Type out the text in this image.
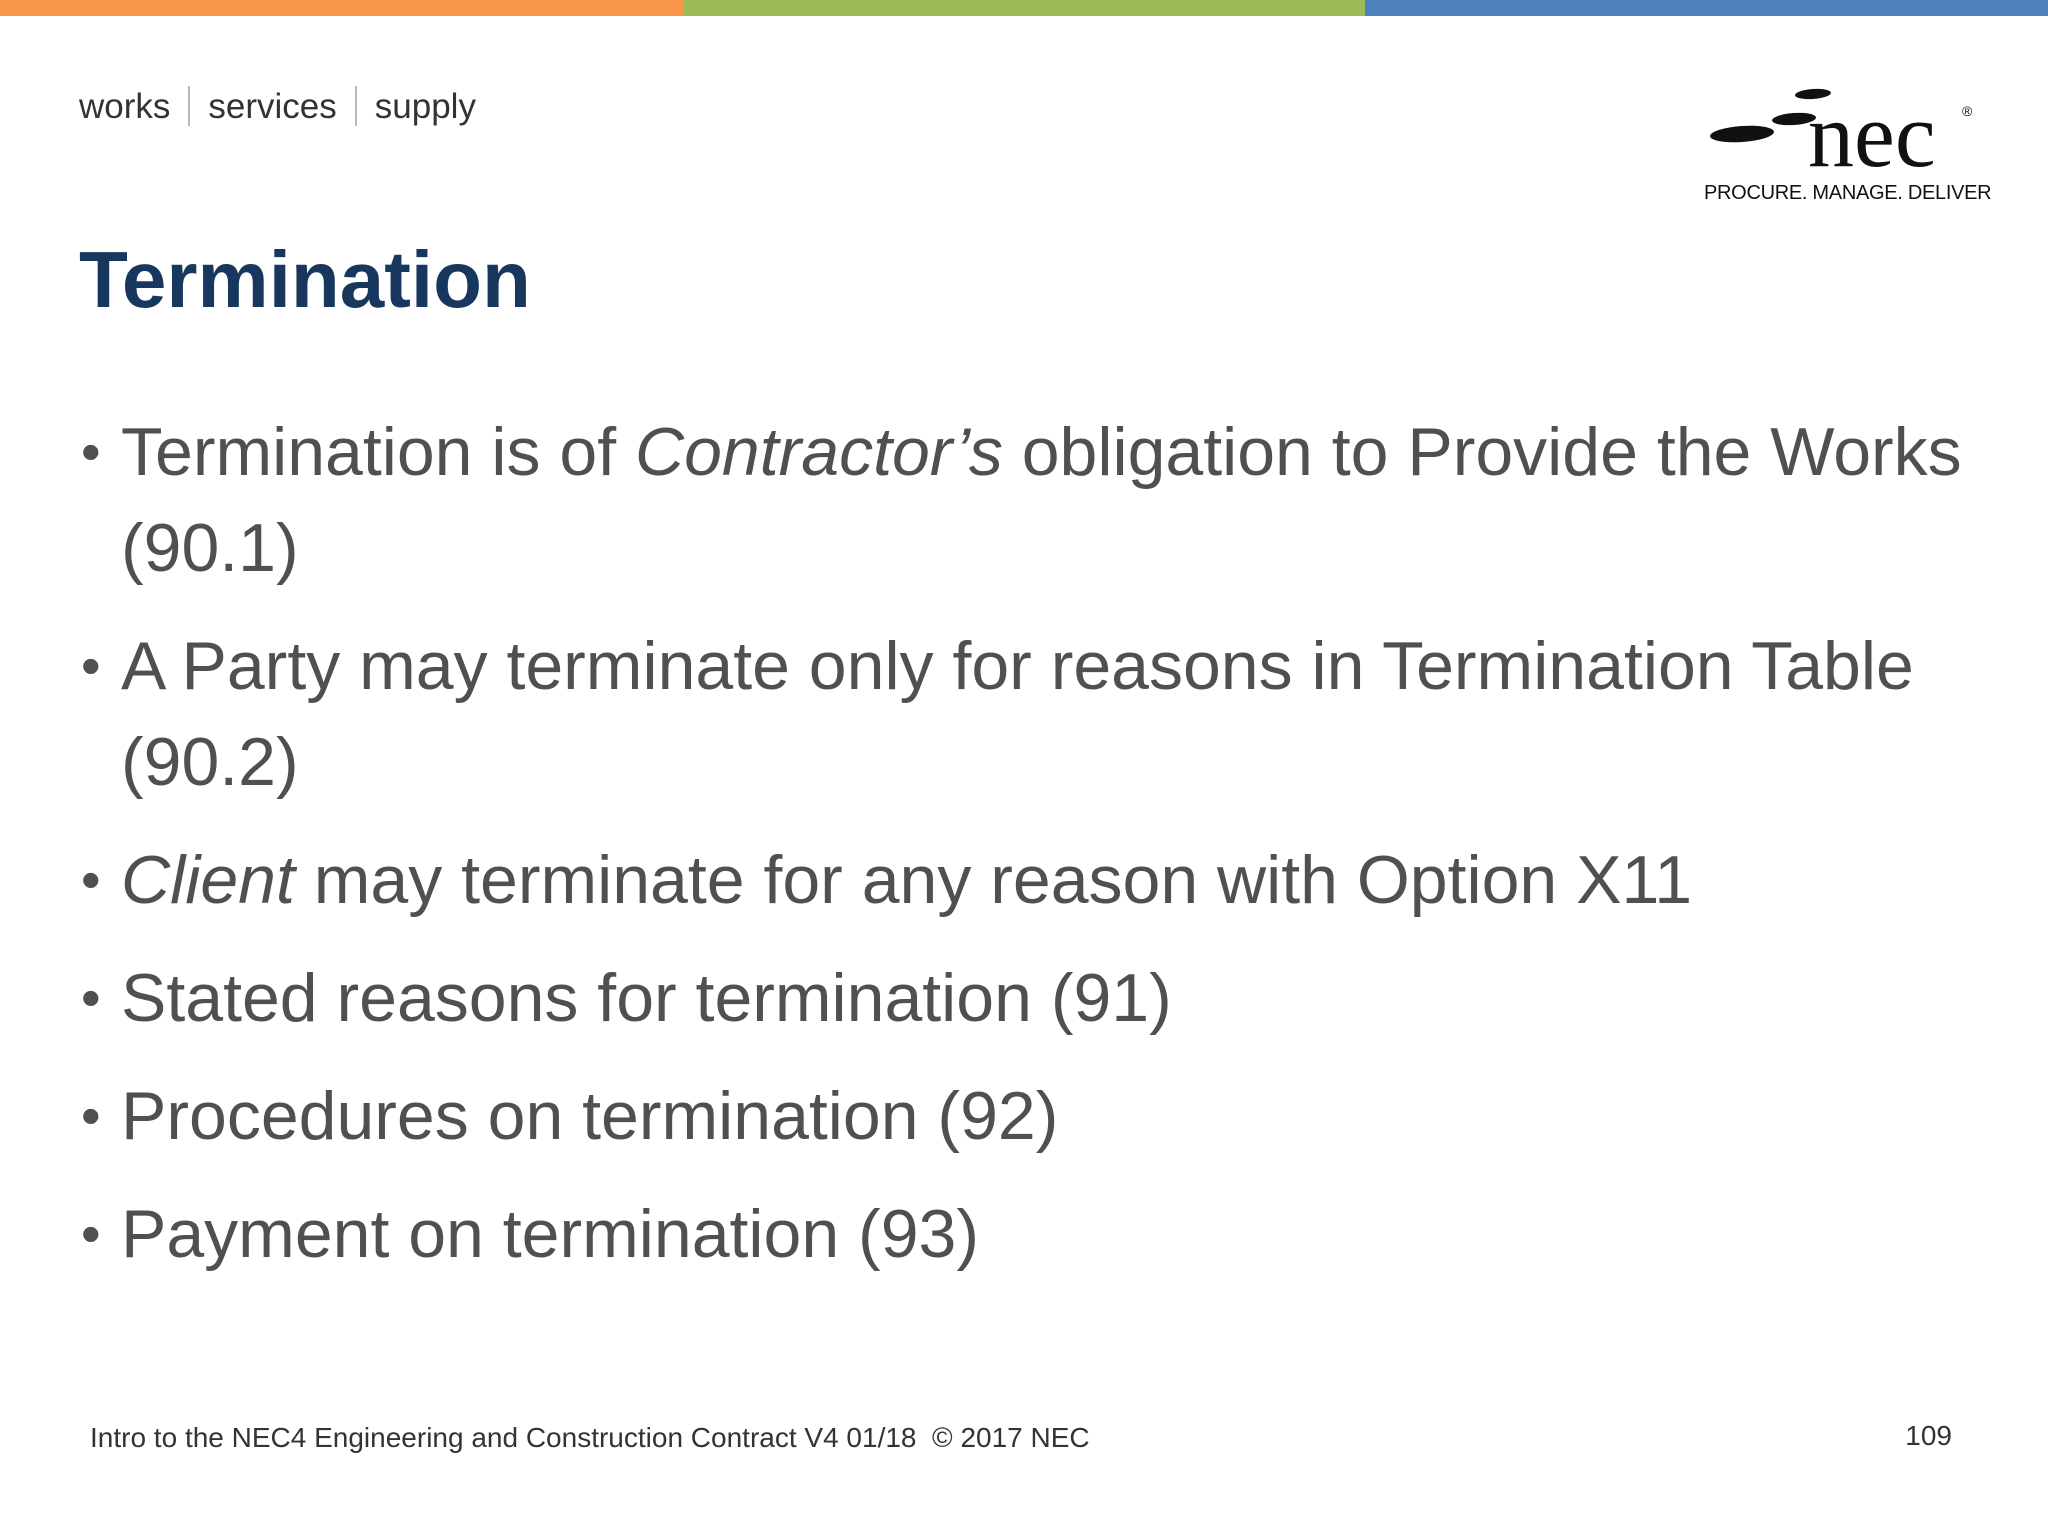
works services supply	nec ®
PROCURE. MANAGE. DELIVER
Termination
• Termination is of Contractor’s obligation to Provide the Works (90.1)
• A Party may terminate only for reasons in Termination Table (90.2)
• Client may terminate for any reason with Option X11
• Stated reasons for termination (91)
• Procedures on termination (92)
• Payment on termination (93)
Intro to the NEC4 Engineering and Construction Contract V4 01/18  © 2017 NEC	109
